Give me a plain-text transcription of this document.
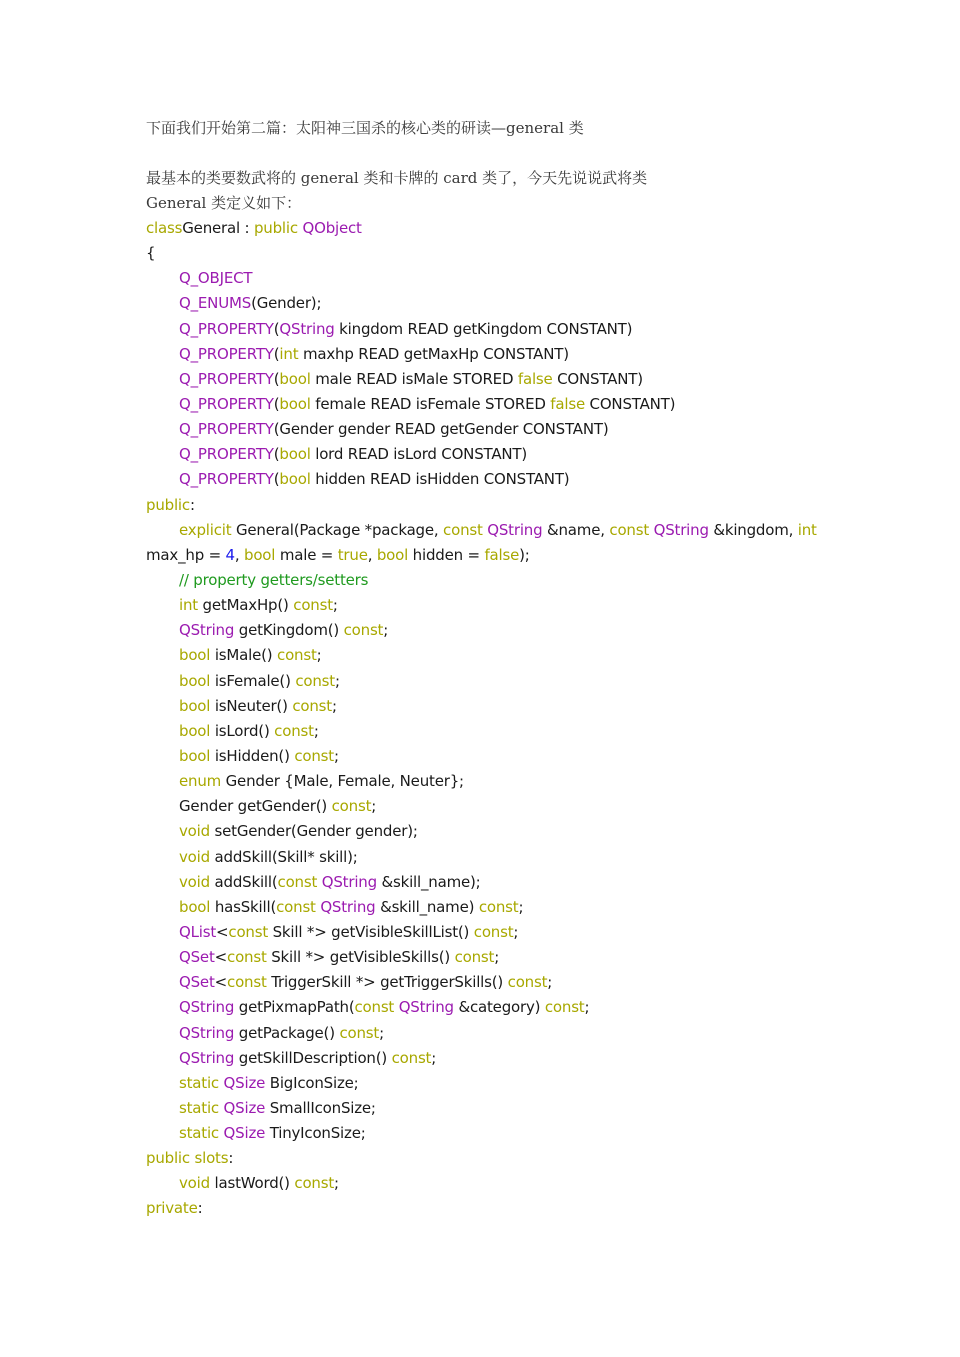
下面我们开始第二篇：太阳神三国杀的核心类的研读—general 类
最基本的类要数武将的 general 类和卡牌的 card 类了，今天先说说武将类
General 类定义如下：
classGeneral : public QObject
{
Q_OBJECT
Q_ENUMS(Gender);
Q_PROPERTY(QString kingdom READ getKingdom CONSTANT)
Q_PROPERTY(int maxhp READ getMaxHp CONSTANT)
Q_PROPERTY(bool male READ isMale STORED false CONSTANT)
Q_PROPERTY(bool female READ isFemale STORED false CONSTANT)
Q_PROPERTY(Gender gender READ getGender CONSTANT)
Q_PROPERTY(bool lord READ isLord CONSTANT)
Q_PROPERTY(bool hidden READ isHidden CONSTANT)
public:
explicit General(Package *package, const QString &name, const QString &kingdom, int
max_hp = 4, bool male = true, bool hidden = false);
// property getters/setters
int getMaxHp() const;
QString getKingdom() const;
bool isMale() const;
bool isFemale() const;
bool isNeuter() const;
bool isLord() const;
bool isHidden() const;
enum Gender {Male, Female, Neuter};
Gender getGender() const;
void setGender(Gender gender);
void addSkill(Skill* skill);
void addSkill(const QString &skill_name);
bool hasSkill(const QString &skill_name) const;
QList<const Skill *> getVisibleSkillList() const;
QSet<const Skill *> getVisibleSkills() const;
QSet<const TriggerSkill *> getTriggerSkills() const;
QString getPixmapPath(const QString &category) const;
QString getPackage() const;
QString getSkillDescription() const;
static QSize BigIconSize;
static QSize SmallIconSize;
static QSize TinyIconSize;
public slots:
void lastWord() const;
private:
